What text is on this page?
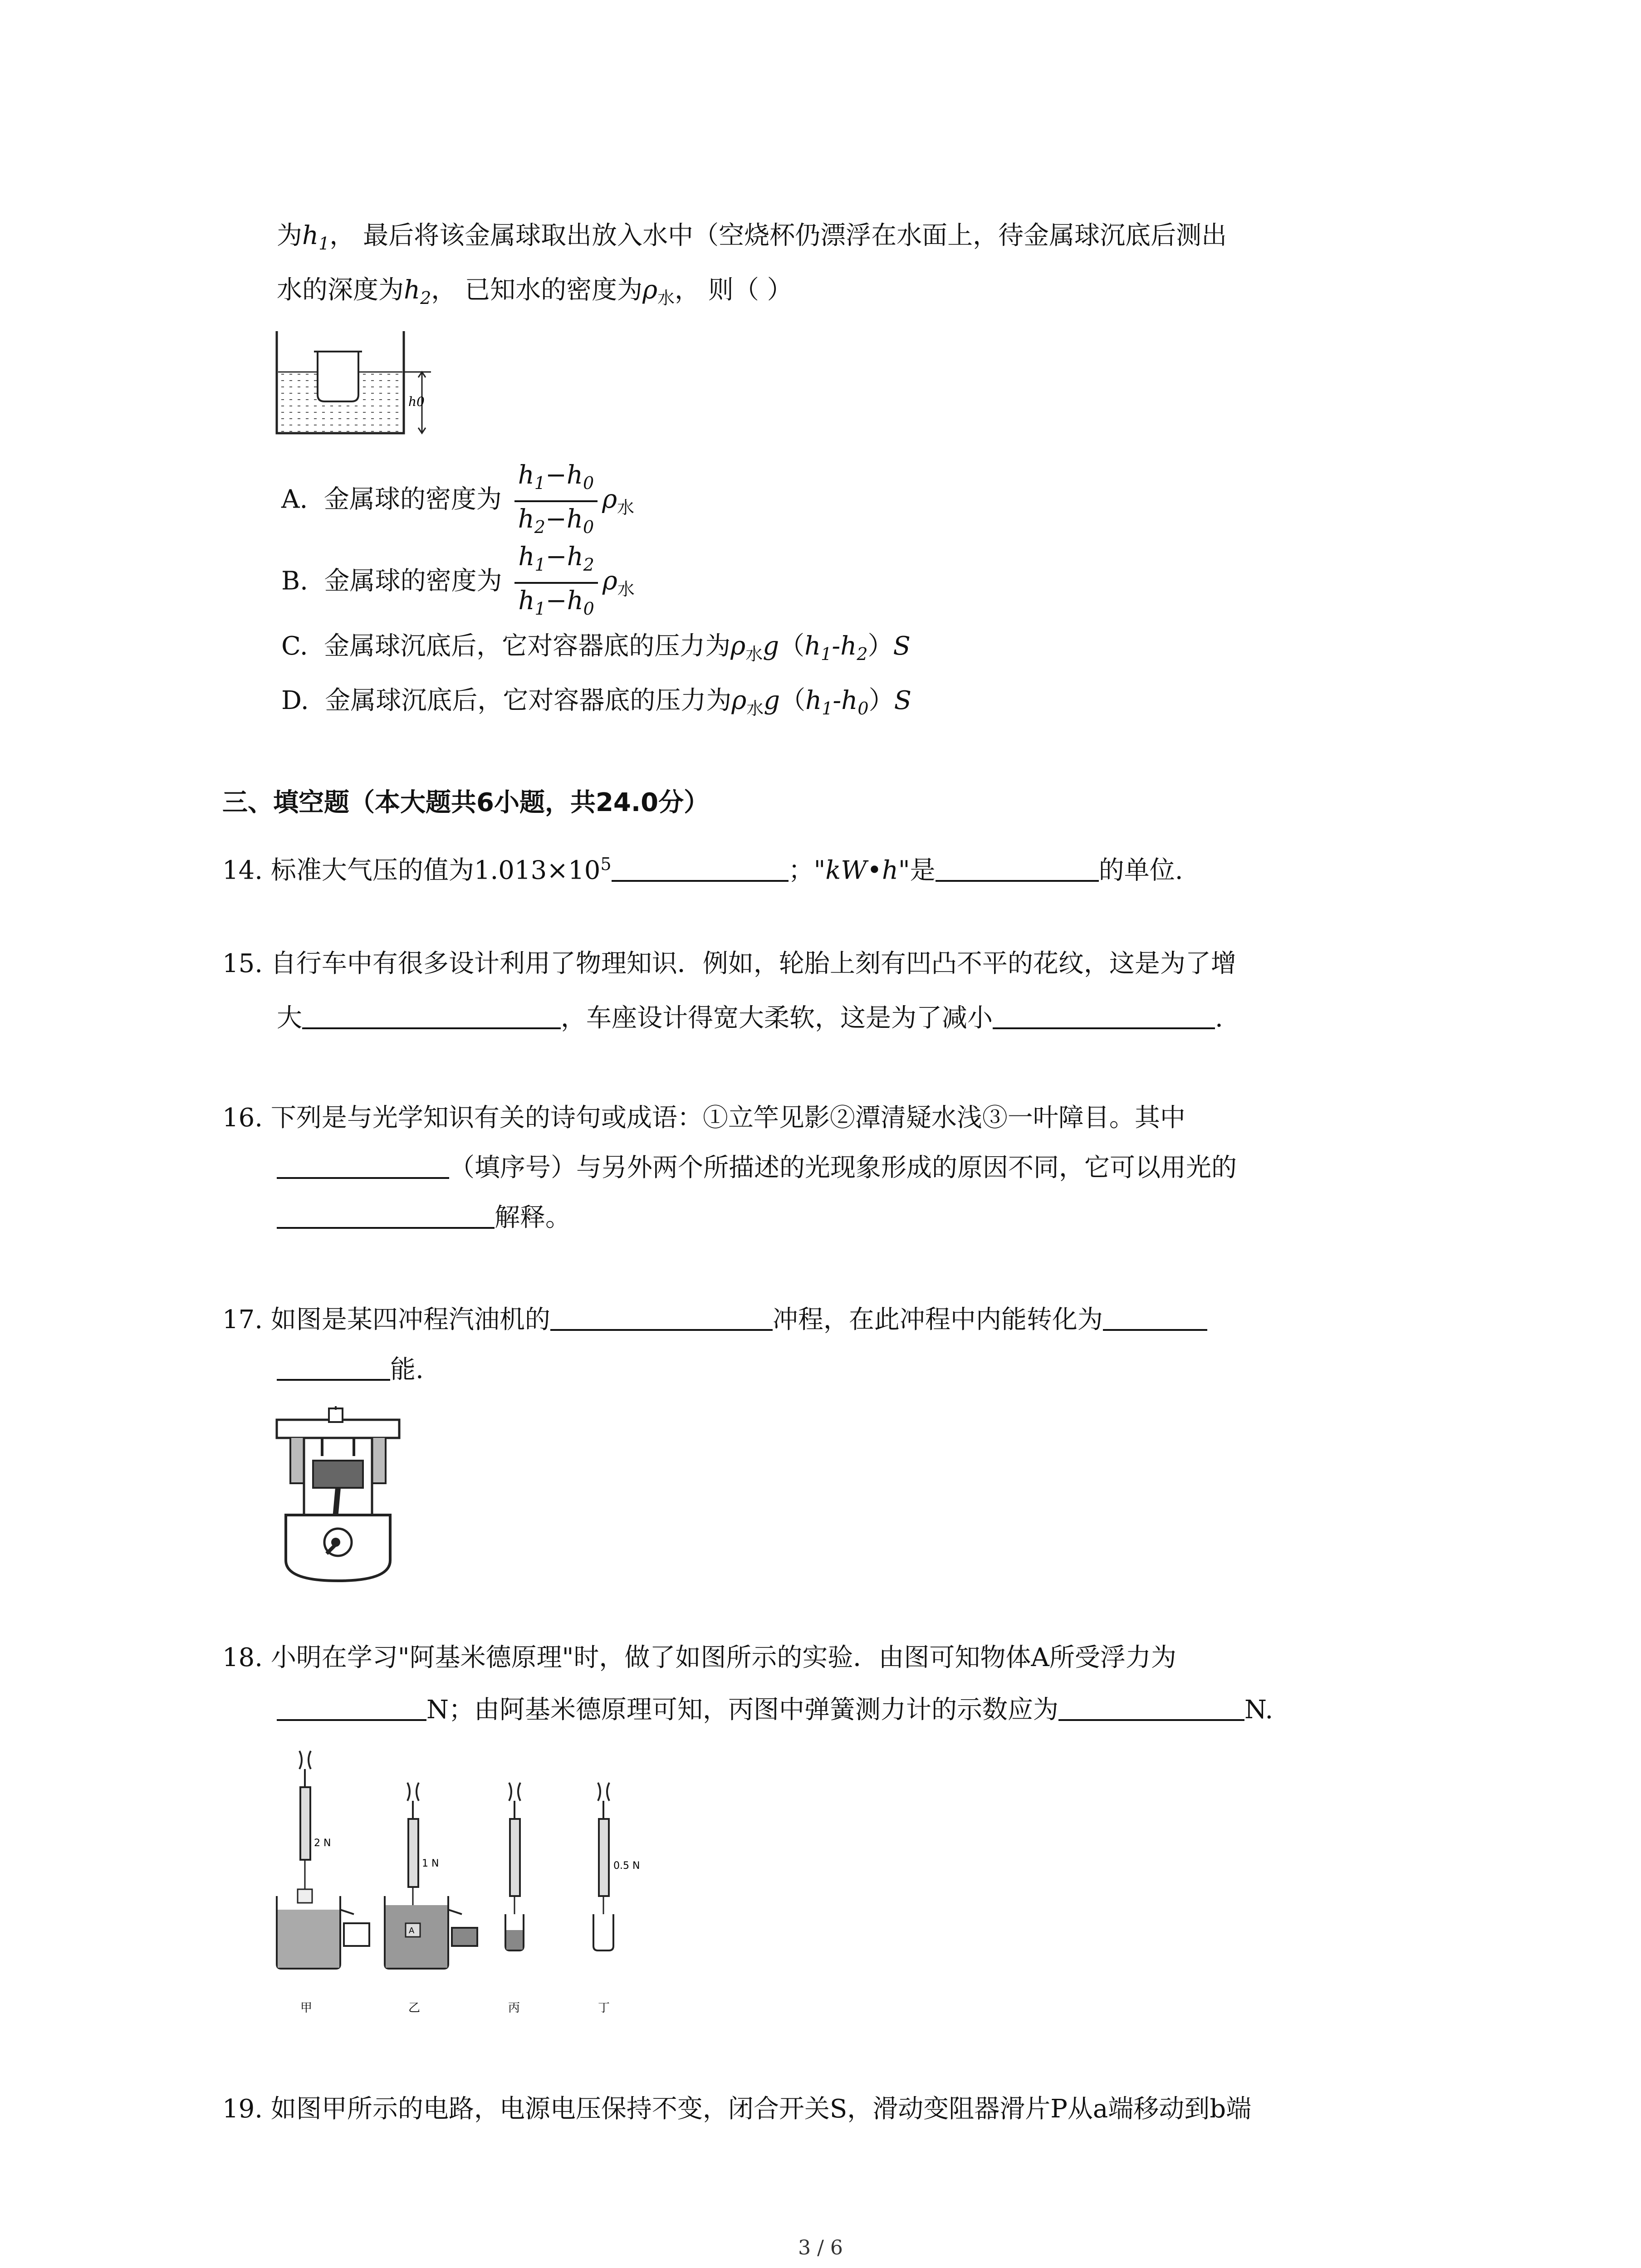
为$h_1$， 最后将该金属球取出放入水中（空烧杯仍漂浮在水面上，待金属球沉底后测出
水的深度为$h_2$， 已知水的密度为$\rho_水$， 则（ ）
h0
A. 金属球的密度为 $\frac{h_1-h_0}{h_2-h_0} \rho_水$
B. 金属球的密度为 $\frac{h_1-h_2}{h_1-h_0} \rho_水$
C. 金属球沉底后，它对容器底的压力为$\rho_水g(h_1-h_2)S$
D. 金属球沉底后，它对容器底的压力为$\rho_水g(h_1-h_0)S$
三、填空题（本大题共6小题，共24.0分）
14. 标准大气压的值为$1.013\times 10^5$	；"kW•h"是	的单位.
15. 自行车中有很多设计利用了物理知识．例如，轮胎上刻有凹凸不平的花纹，这是为了增
大	，车座设计得宽大柔软，这是为了减小	.
16. 下列是与光学知识有关的诗句或成语：①立竿见影②潭清疑水浅③一叶障目。其中
（填序号）与另外两个所描述的光现象形成的原因不同，它可以用光的
解释。
17. 如图是某四冲程汽油机的	冲程，在此冲程中内能转化为
能.
18. 小明在学习"阿基米德原理"时，做了如图所示的实验．由图可知物体A所受浮力为
N；由阿基米德原理可知，丙图中弹簧测力计的示数应为	N.
2 N
甲
A
1 N
乙	丙
0.5 N
丁
19. 如图甲所示的电路，电源电压保持不变，闭合开关S，滑动变阻器滑片P从a端移动到b端
3 / 6
